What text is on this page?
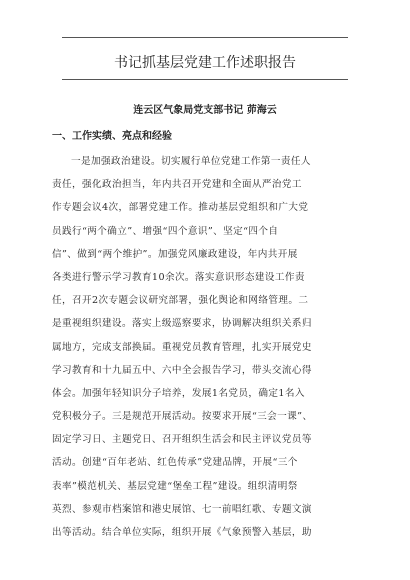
书记抓基层党建工作述职报告

连云区气象局党支部书记 茆海云

一、工作实绩、亮点和经验
一是加强政治建设。切实履行单位党建工作第一责任人
责任，强化政治担当，年内共召开党建和全面从严治党工
作专题会议4次，部署党建工作。推动基层党组织和广大党
员践行“两个确立”、增强“四个意识”、坚定“四个自
信”、做到“两个维护”。加强党风廉政建设，年内共开展
各类进行警示学习教育10余次。落实意识形态建设工作责
任，召开2次专题会议研究部署，强化舆论和网络管理。二
是重视组织建设。落实上级巡察要求，协调解决组织关系归
属地方，完成支部换届。重视党员教育管理，扎实开展党史
学习教育和十九届五中、六中全会报告学习，带头交流心得
体会。加强年轻知识分子培养，发展1名党员，确定1名入
党积极分子。三是规范开展活动。按要求开展“三会一课”、
固定学习日、主题党日、召开组织生活会和民主评议党员等
活动。创建“百年老站、红色传承”党建品牌，开展“三个
表率”模范机关、基层党建“堡垒工程”建设。组织清明祭
英烈、参观市档案馆和港史展馆、七一前唱红歌、专题文演
出等活动。结合单位实际，组织开展《气象预警入基层，助
